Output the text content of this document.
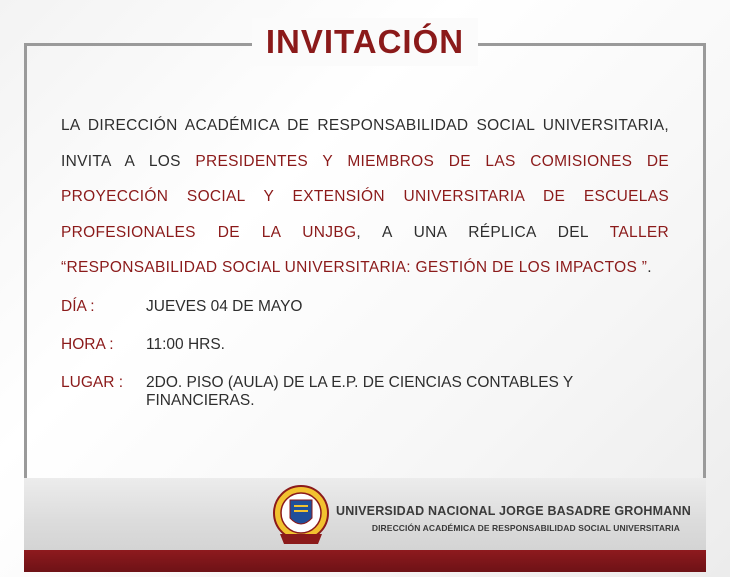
INVITACIÓN
LA DIRECCIÓN ACADÉMICA DE RESPONSABILIDAD SOCIAL UNIVERSITARIA, INVITA A LOS PRESIDENTES Y MIEMBROS DE LAS COMISIONES DE PROYECCIÓN SOCIAL Y EXTENSIÓN UNIVERSITARIA DE ESCUELAS PROFESIONALES DE LA UNJBG, A UNA RÉPLICA DEL TALLER “RESPONSABILIDAD SOCIAL UNIVERSITARIA: GESTIÓN DE LOS IMPACTOS ”.
DÍA :	JUEVES 04 DE MAYO
HORA :	11:00 HRS.
LUGAR :	2DO. PISO (AULA) DE LA E.P. DE CIENCIAS CONTABLES Y FINANCIERAS.
UNIVERSIDAD NACIONAL JORGE BASADRE GROHMANN
DIRECCIÓN ACADÉMICA DE RESPONSABILIDAD SOCIAL UNIVERSITARIA
